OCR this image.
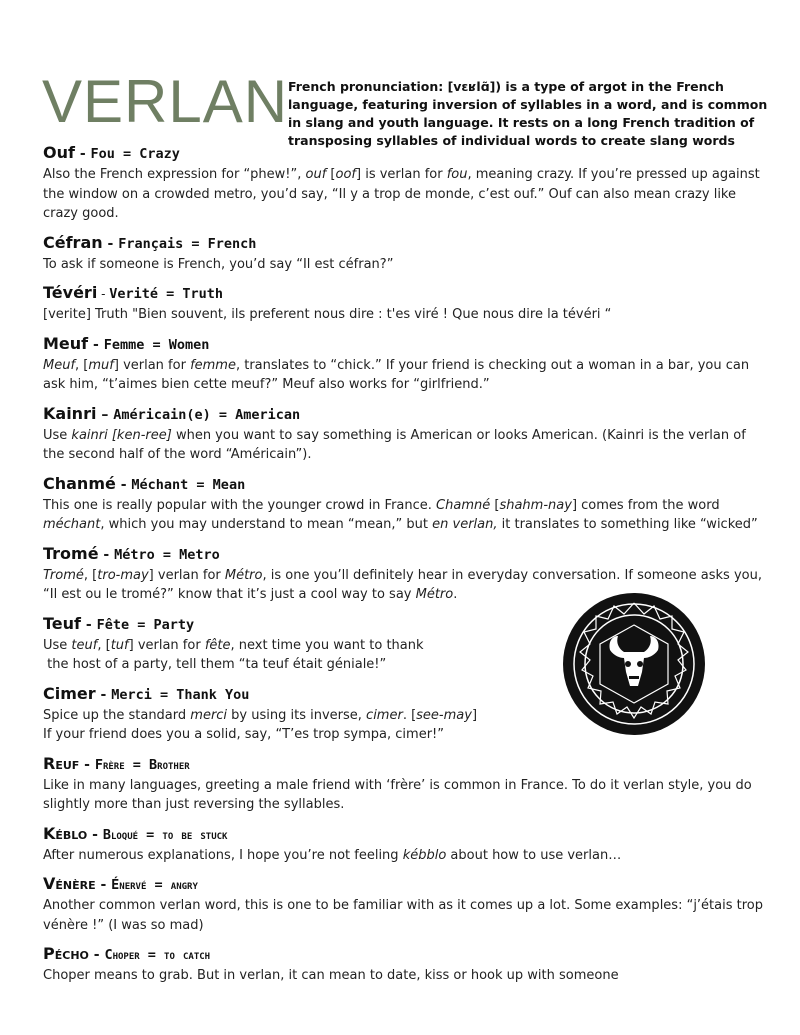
VERLAN French pronunciation: [vɛʁlɑ̃]) is a type of argot in the French language, featuring inversion of syllables in a word, and is common in slang and youth language. It rests on a long French tradition of transposing syllables of individual words to create slang words
Ouf - Fou = Crazy

Also the French expression for “phew!”, ouf [oof] is verlan for fou, meaning crazy. If you’re pressed up against the window on a crowded metro, you’d say, “Il y a trop de monde, c’est ouf.” Ouf can also mean crazy like crazy good.

Céfran - Français = French

To ask if someone is French, you’d say “Il est céfran?”

Tévéri - Verité = Truth

[verite] Truth "Bien souvent, ils preferent nous dire : t'es viré ! Que nous dire la tévéri “

Meuf - Femme = Women

Meuf, [muf] verlan for femme, translates to “chick.” If your friend is checking out a woman in a bar, you can ask him, “t’aimes bien cette meuf?” Meuf also works for “girlfriend.”

Kainri – Américain(e) = American

Use kainri [ken-ree] when you want to say something is American or looks American. (Kainri is the verlan of the second half of the word “Américain”).

Chanmé - Méchant = Mean

This one is really popular with the younger crowd in France. Chamné [shahm-nay] comes from the word méchant, which you may understand to mean “mean,” but en verlan, it translates to something like “wicked”

Tromé - Métro = Metro

Tromé, [tro-may] verlan for Métro, is one you’ll definitely hear in everyday conversation. If someone asks you, “Il est ou le tromé?” know that it’s just a cool way to say Métro.

Teuf - Fête = Party

Use teuf, [tuf] verlan for fête, next time you want to thank
the host of a party, tell them “ta teuf était géniale!”

Cimer - Merci = Thank You

Spice up the standard merci by using its inverse, cimer. [see-may]
If your friend does you a solid, say, “T’es trop sympa, cimer!”

Reuf - Frère = Brother

Like in many languages, greeting a male friend with ‘frère’ is common in France. To do it verlan style, you do slightly more than just reversing the syllables.

Kéblo - Bloqué = to be stuck

After numerous explanations, I hope you’re not feeling kébblo about how to use verlan…

Vénère - Énervé = angry

Another common verlan word, this is one to be familiar with as it comes up a lot. Some examples: “j’étais trop vénère !” (I was so mad)

Pécho - Choper = to catch

Choper means to grab. But in verlan, it can mean to date, kiss or hook up with someone
